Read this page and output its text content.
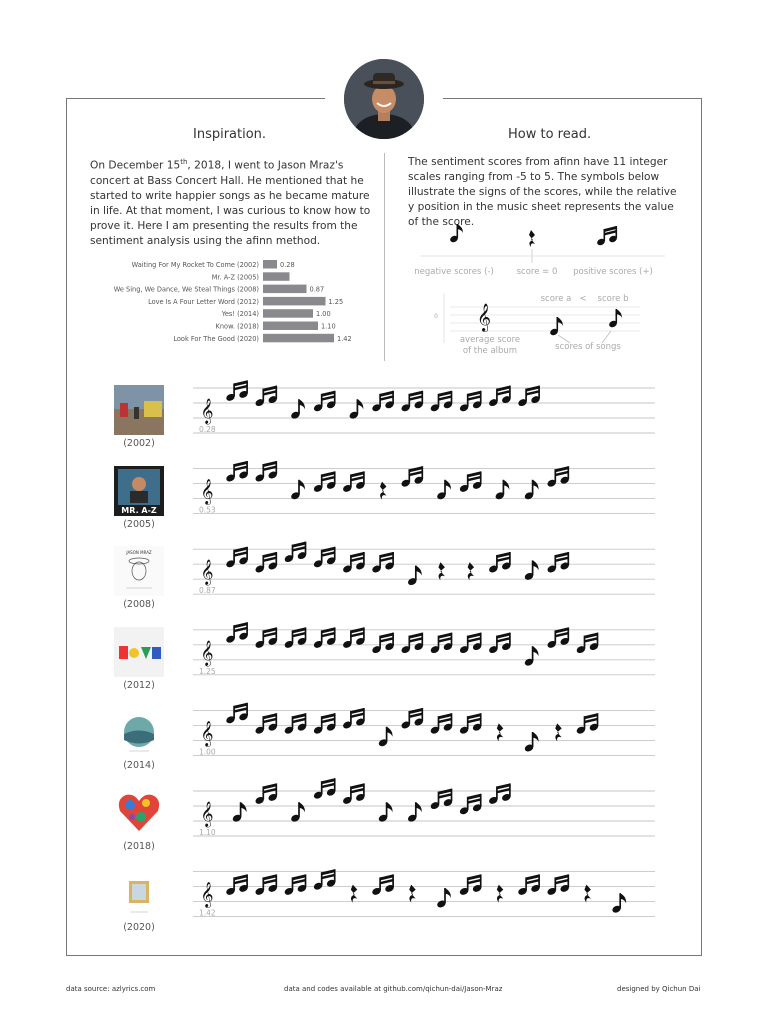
Inspiration.
On December 15th, 2018, I went to Jason Mraz's concert at Bass Concert Hall. He mentioned that he started to write happier songs as he became mature in life. At that moment, I was curious to know how to prove it. Here I am presenting the results from the sentiment analysis using the afinn method.
How to read.
The sentiment scores from afinn have 11 integer scales ranging from -5 to 5. The symbols below illustrate the signs of the scores, while the relative y position in the music sheet represents the value of the score.
Waiting For My Rocket To Come (2002)	0.28
Mr. A-Z (2005)
We Sing, We Dance, We Steal Things (2008)	0.87
Love Is A Four Letter Word (2012)	1.25
Yes! (2014)	1.00
Know. (2018)	1.10
Look For The Good (2020)	1.42
negative scores (-)	score = 0 positive scores (+)
score a < score b
0 𝄞
average score
of the album	scores of songs
MR. A-Z
JASON MRAZ
(2002)
(2005)
(2008)
(2012)
(2014)
(2018)
(2020)
𝄞
0.28
𝄞
0.53
𝄞
0.87
𝄞
1.25
𝄞
1.00
𝄞
1.10
𝄞
1.42
data source: azlyrics.com	data and codes available at github.com/qichun-dai/Jason-Mraz	designed by Qichun Dai
